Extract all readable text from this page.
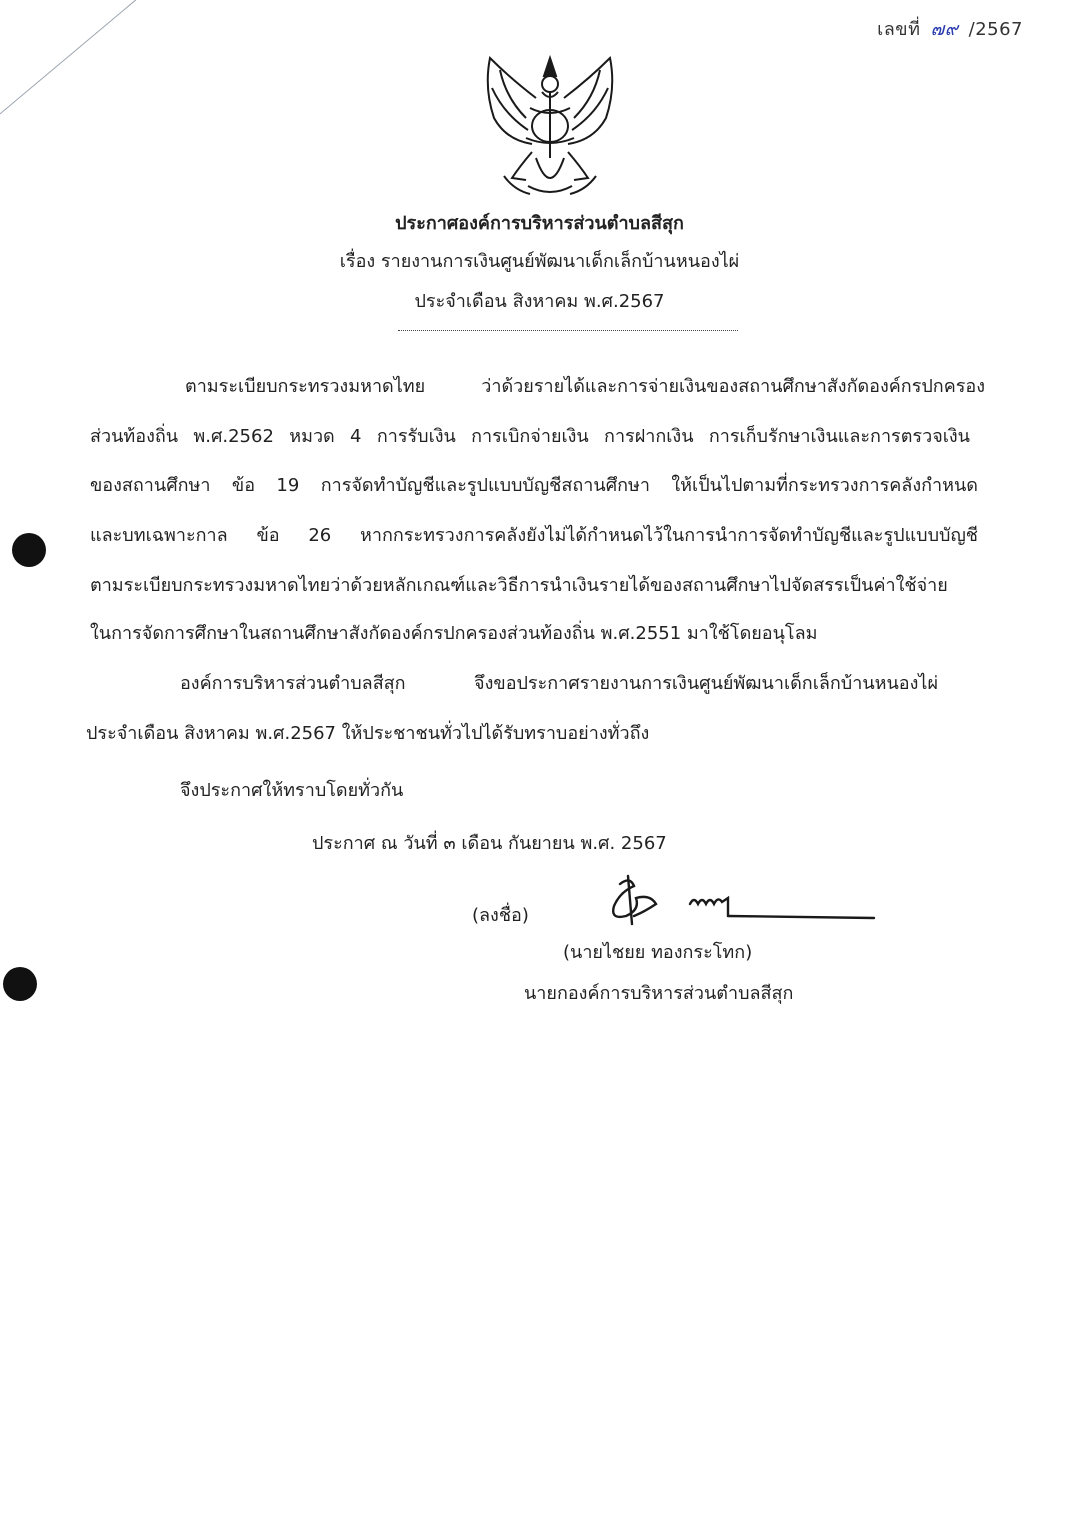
เลขที่ ๗๙ /2567
ประกาศองค์การบริหารส่วนตำบลสีสุก
เรื่อง รายงานการเงินศูนย์พัฒนาเด็กเล็กบ้านหนองไผ่
ประจำเดือน สิงหาคม พ.ศ.2567
ตามระเบียบกระทรวงมหาดไทย ว่าด้วยรายได้และการจ่ายเงินของสถานศึกษาสังกัดองค์กรปกครอง
ส่วนท้องถิ่น พ.ศ.2562 หมวด 4 การรับเงิน การเบิกจ่ายเงิน การฝากเงิน การเก็บรักษาเงินและการตรวจเงิน
ของสถานศึกษา ข้อ 19 การจัดทำบัญชีและรูปแบบบัญชีสถานศึกษา ให้เป็นไปตามที่กระทรวงการคลังกำหนด
และบทเฉพาะกาล ข้อ 26 หากกระทรวงการคลังยังไม่ได้กำหนดไว้ในการนำการจัดทำบัญชีและรูปแบบบัญชี
ตามระเบียบกระทรวงมหาดไทยว่าด้วยหลักเกณฑ์และวิธีการนำเงินรายได้ของสถานศึกษาไปจัดสรรเป็นค่าใช้จ่าย
ในการจัดการศึกษาในสถานศึกษาสังกัดองค์กรปกครองส่วนท้องถิ่น พ.ศ.2551 มาใช้โดยอนุโลม
องค์การบริหารส่วนตำบลสีสุก จึงขอประกาศรายงานการเงินศูนย์พัฒนาเด็กเล็กบ้านหนองไผ่
ประจำเดือน สิงหาคม พ.ศ.2567 ให้ประชาชนทั่วไปได้รับทราบอย่างทั่วถึง
จึงประกาศให้ทราบโดยทั่วกัน
ประกาศ ณ วันที่ ๓ เดือน กันยายน พ.ศ. 2567
(ลงชื่อ)
(นายไชยย ทองกระโทก)
นายกองค์การบริหารส่วนตำบลสีสุก
